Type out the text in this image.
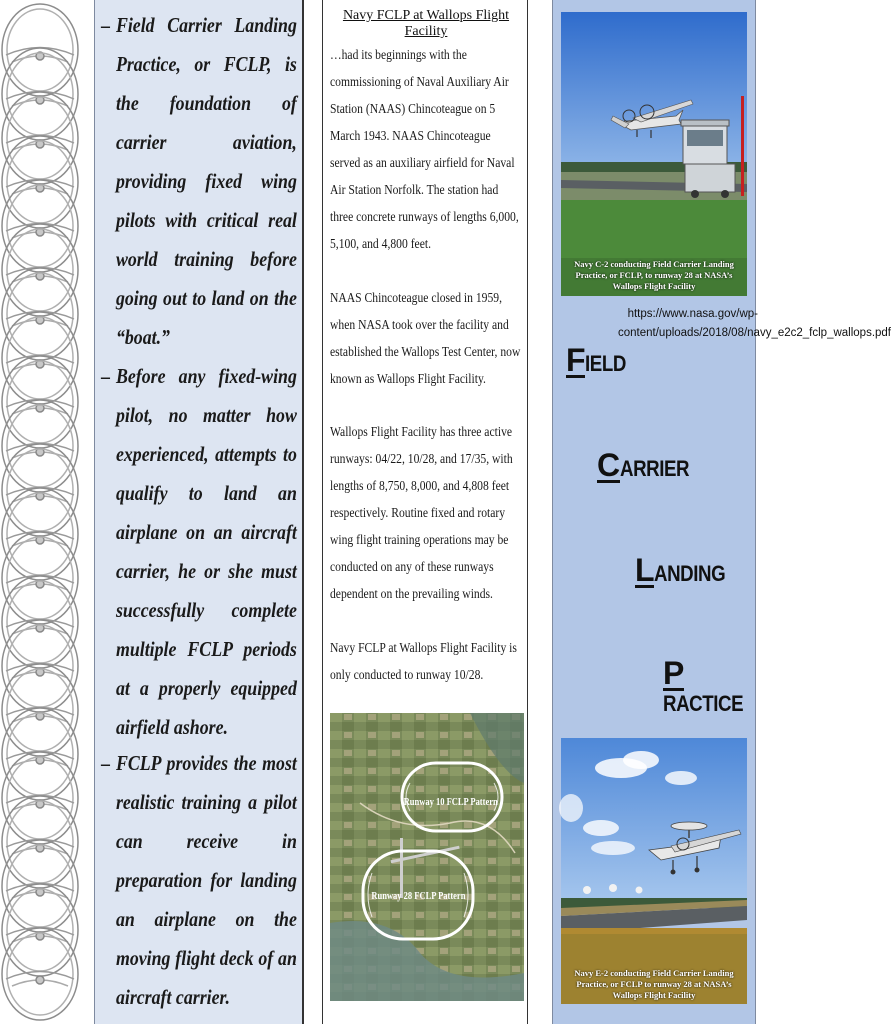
– Field Carrier Landing Practice, or FCLP, is the foundation of carrier aviation, providing fixed wing pilots with critical real world training before going out to land on the “boat.”
– Before any fixed-wing pilot, no matter how experienced, attempts to qualify to land an airplane on an aircraft carrier, he or she must successfully complete multiple FCLP periods at a properly equipped airfield ashore.
– FCLP provides the most realistic training a pilot can receive in preparation for landing an airplane on the moving flight deck of an aircraft carrier.
Navy FCLP at Wallops Flight Facility
…had its beginnings with the commissioning of Naval Auxiliary Air Station (NAAS) Chincoteague on 5 March 1943. NAAS Chincoteague served as an auxiliary airfield for Naval Air Station Norfolk. The station had three concrete runways of lengths 6,000, 5,100, and 4,800 feet.
NAAS Chincoteague closed in 1959, when NASA took over the facility and established the Wallops Test Center, now known as Wallops Flight Facility.
Wallops Flight Facility has three active runways: 04/22, 10/28, and 17/35, with lengths of 8,750, 8,000, and 4,808 feet respectively. Routine fixed and rotary wing flight training operations may be conducted on any of these runways dependent on the prevailing winds.
Navy FCLP at Wallops Flight Facility is only conducted to runway 10/28.
Runway 10 FCLP Pattern
Runway 28 FCLP Pattern
Navy C-2 conducting Field Carrier Landing Practice, or FCLP, to runway 28 at NASA’s Wallops Flight Facility
https://www.nasa.gov/wp-content/uploads/2018/08/navy_e2c2_fclp_wallops.pdf
FIELD
CARRIER
LANDING
PRACTICE
Navy E-2 conducting Field Carrier Landing Practice, or FCLP to runway 28 at NASA’s Wallops Flight Facility
